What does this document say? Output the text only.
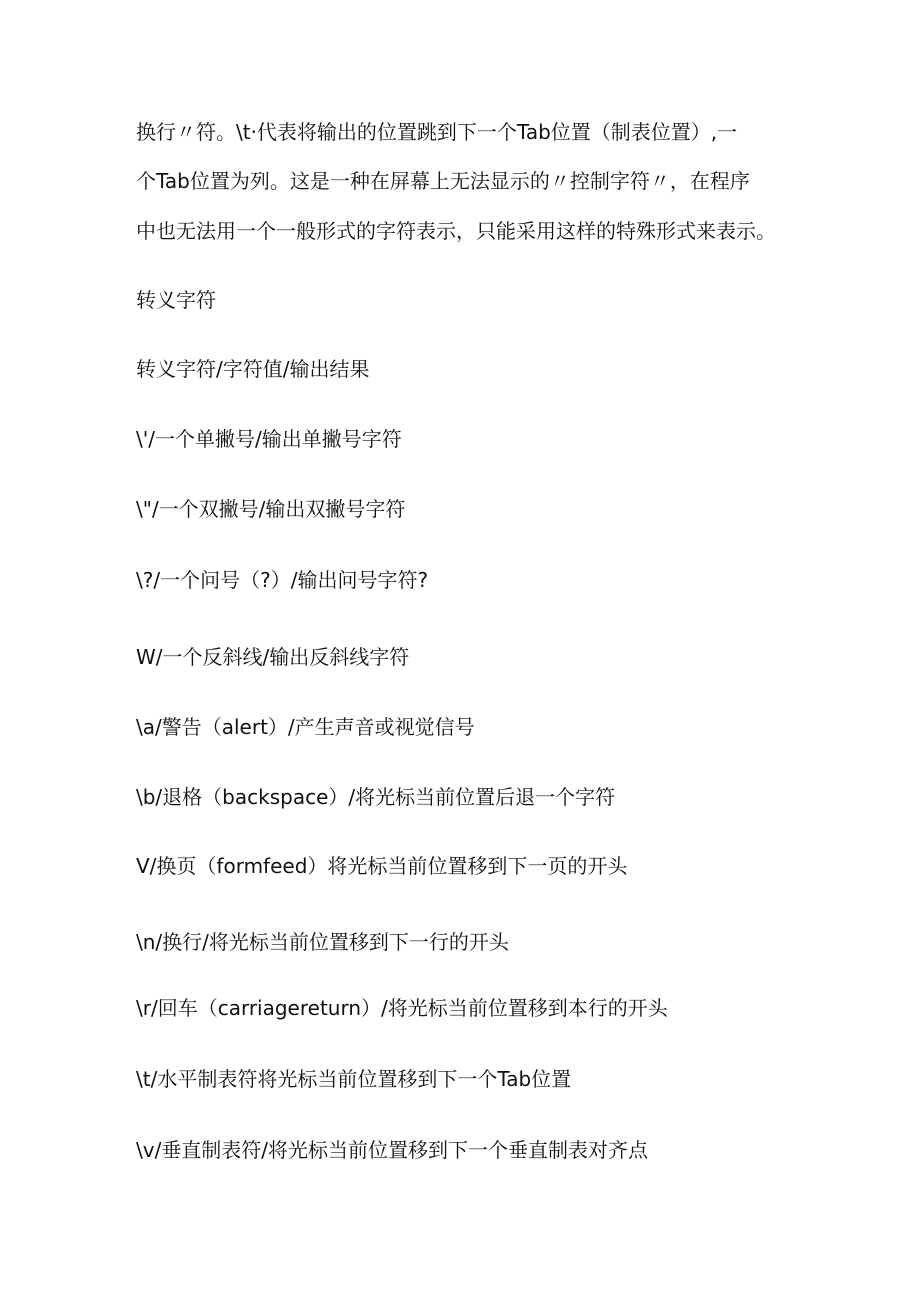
换行〃符。\t·代表将输出的位置跳到下一个Tab位置（制表位置）,一
个Tab位置为列。这是一种在屏幕上无法显示的〃控制字符〃，在程序
中也无法用一个一般形式的字符表示，只能采用这样的特殊形式来表示。
转义字符
转义字符/字符值/输出结果
\'/一个单撇号/输出单撇号字符
\"/一个双撇号/输出双撇号字符
\?/一个问号（?）/输出问号字符?
W/一个反斜线/输出反斜线字符
\a/警告（alert）/产生声音或视觉信号
\b/退格（backspace）/将光标当前位置后退一个字符
V/换页（formfeed）将光标当前位置移到下一页的开头
\n/换行/将光标当前位置移到下一行的开头
\r/回车（carriagereturn）/将光标当前位置移到本行的开头
\t/水平制表符将光标当前位置移到下一个Tab位置
\v/垂直制表符/将光标当前位置移到下一个垂直制表对齐点
